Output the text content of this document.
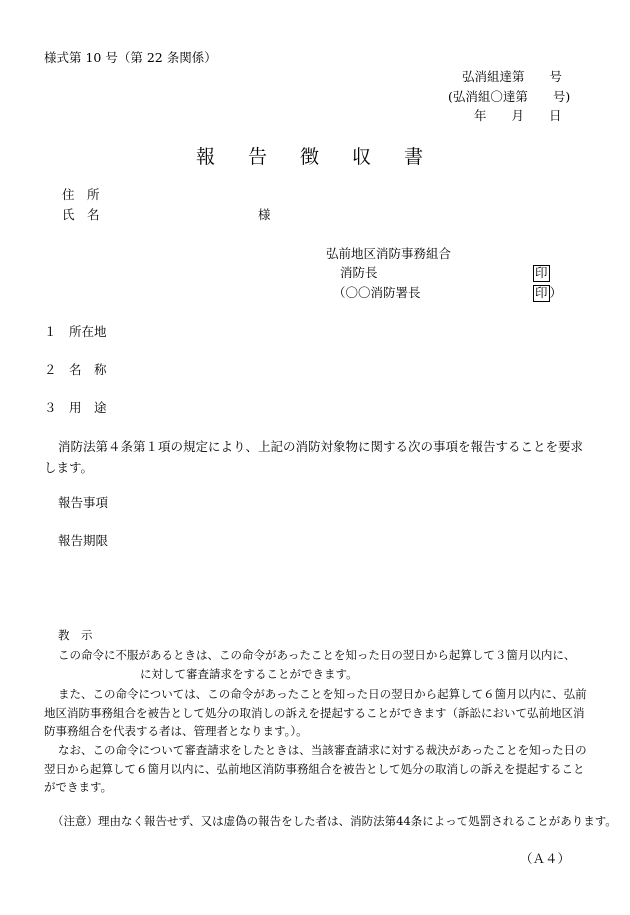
様式第 10 号（第 22 条関係）
弘消組達第　　号
(弘消組〇達第　　号)
年　　月　　日
報 告 徴 収 書
住　所
氏　名	様
弘前地区消防事務組合
消防長	印
（〇〇消防署長	印 ）
１ 所在地
２ 名　称
３ 用　途
消防法第４条第１項の規定により、上記の消防対象物に関する次の事項を報告することを要求します。
報告事項
報告期限
教　示
この命令に不服があるときは、この命令があったことを知った日の翌日から起算して３箇月以内に、
に対して審査請求をすることができます。
また、この命令については、この命令があったことを知った日の翌日から起算して６箇月以内に、弘前地区消防事務組合を被告として処分の取消しの訴えを提起することができます（訴訟において弘前地区消防事務組合を代表する者は、管理者となります。）。
なお、この命令について審査請求をしたときは、当該審査請求に対する裁決があったことを知った日の翌日から起算して６箇月以内に、弘前地区消防事務組合を被告として処分の取消しの訴えを提起することができます。
（注意）理由なく報告せず、又は虚偽の報告をした者は、消防法第44条によって処罰されることがあります。
（Ａ４）
